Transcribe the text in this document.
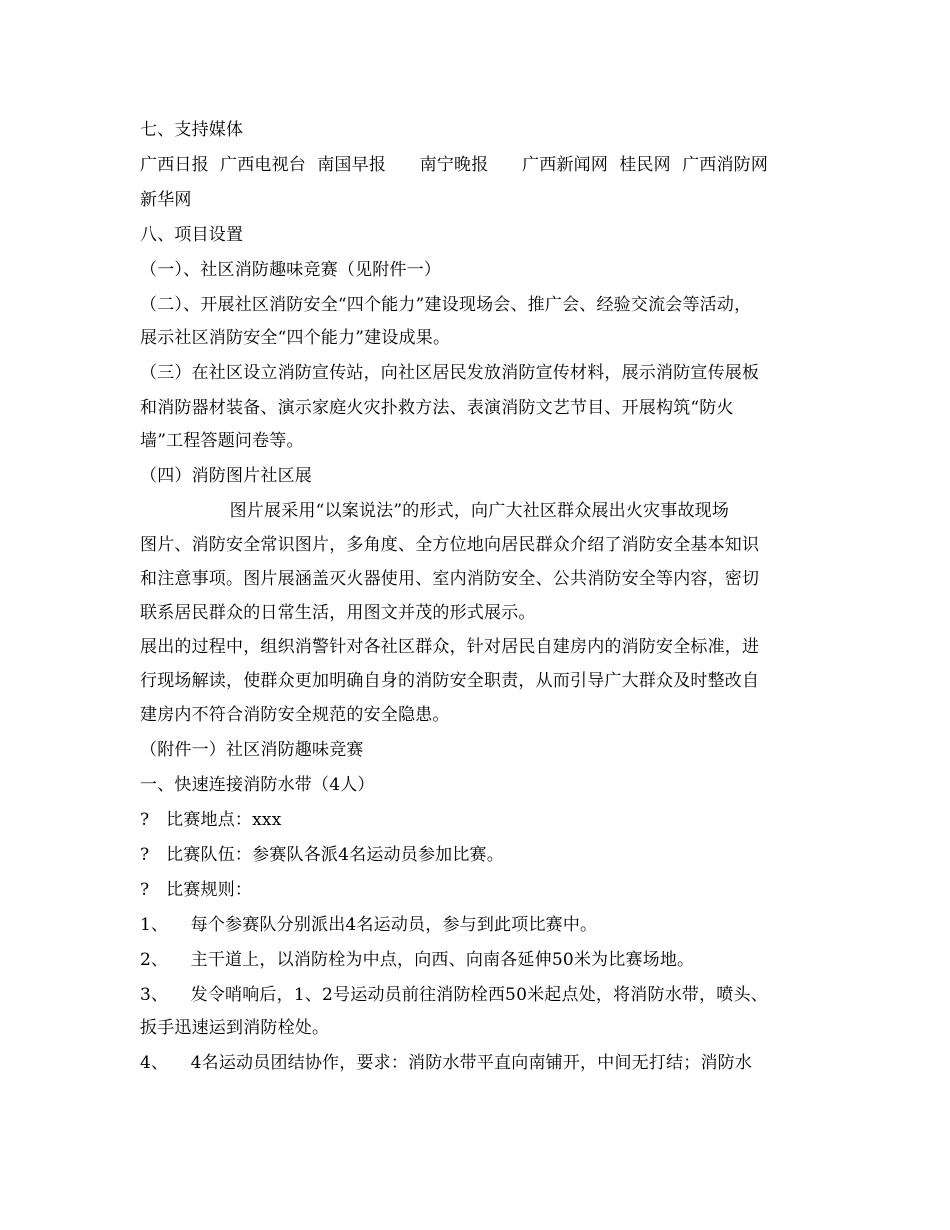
七、支持媒体
广西日报  广西电视台  南国早报      南宁晚报      广西新闻网  桂民网  广西消防网
新华网
八、项目设置
（一）、社区消防趣味竞赛（见附件一）
（二）、开展社区消防安全“四个能力”建设现场会、推广会、经验交流会等活动，
展示社区消防安全“四个能力”建设成果。
（三）在社区设立消防宣传站，向社区居民发放消防宣传材料，展示消防宣传展板
和消防器材装备、演示家庭火灾扑救方法、表演消防文艺节目、开展构筑“防火
墙”工程答题问卷等。
（四）消防图片社区展
图片展采用“以案说法”的形式，向广大社区群众展出火灾事故现场
图片、消防安全常识图片，多角度、全方位地向居民群众介绍了消防安全基本知识
和注意事项。图片展涵盖灭火器使用、室内消防安全、公共消防安全等内容，密切
联系居民群众的日常生活，用图文并茂的形式展示。
展出的过程中，组织消警针对各社区群众，针对居民自建房内的消防安全标准，进
行现场解读，使群众更加明确自身的消防安全职责，从而引导广大群众及时整改自
建房内不符合消防安全规范的安全隐患。
（附件一）社区消防趣味竞赛
一、快速连接消防水带（4人）
?   比赛地点：xxx
?   比赛队伍：参赛队各派4名运动员参加比赛。
?   比赛规则：
1、    每个参赛队分别派出4名运动员，参与到此项比赛中。
2、    主干道上，以消防栓为中点，向西、向南各延伸50米为比赛场地。
3、    发令哨响后，1、2号运动员前往消防栓西50米起点处，将消防水带，喷头、
扳手迅速运到消防栓处。
4、    4名运动员团结协作，要求：消防水带平直向南铺开，中间无打结；消防水
